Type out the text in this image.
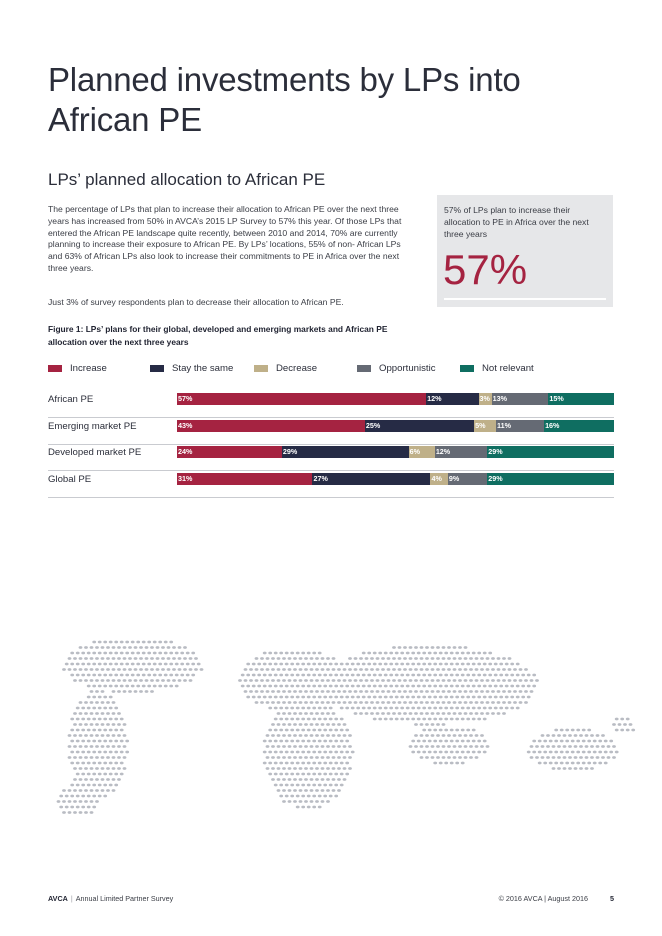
Planned investments by LPs into African PE
LPs’ planned allocation to African PE

The percentage of LPs that plan to increase their allocation to African PE over the next three years has increased from 50% in AVCA’s 2015 LP Survey to 57% this year. Of those LPs that entered the African PE landscape quite recently, between 2010 and 2014, 70% are currently planning to increase their exposure to African PE. By LPs’ locations, 55% of non- African LPs and 63% of African LPs also look to increase their commitments to PE in Africa over the next three years.

Just 3% of survey respondents plan to decrease their allocation to African PE.

57% of LPs plan to increase their allocation to PE in Africa over the next three years
57%
Figure 1: LPs’ plans for their global, developed and emerging markets and African PE allocation over the next three years
Increase	Stay the same	Decrease	Opportunistic	Not relevant
African PE	57%	12%	3% 13%	15%
Emerging market PE	43%	25%	5% 11%	16%
Developed market PE	24%	29%	6% 12%	29%
Global PE	31%	27%	4% 9%	29%
AVCA | Annual Limited Partner Survey	© 2016 AVCA | August 2016	5
